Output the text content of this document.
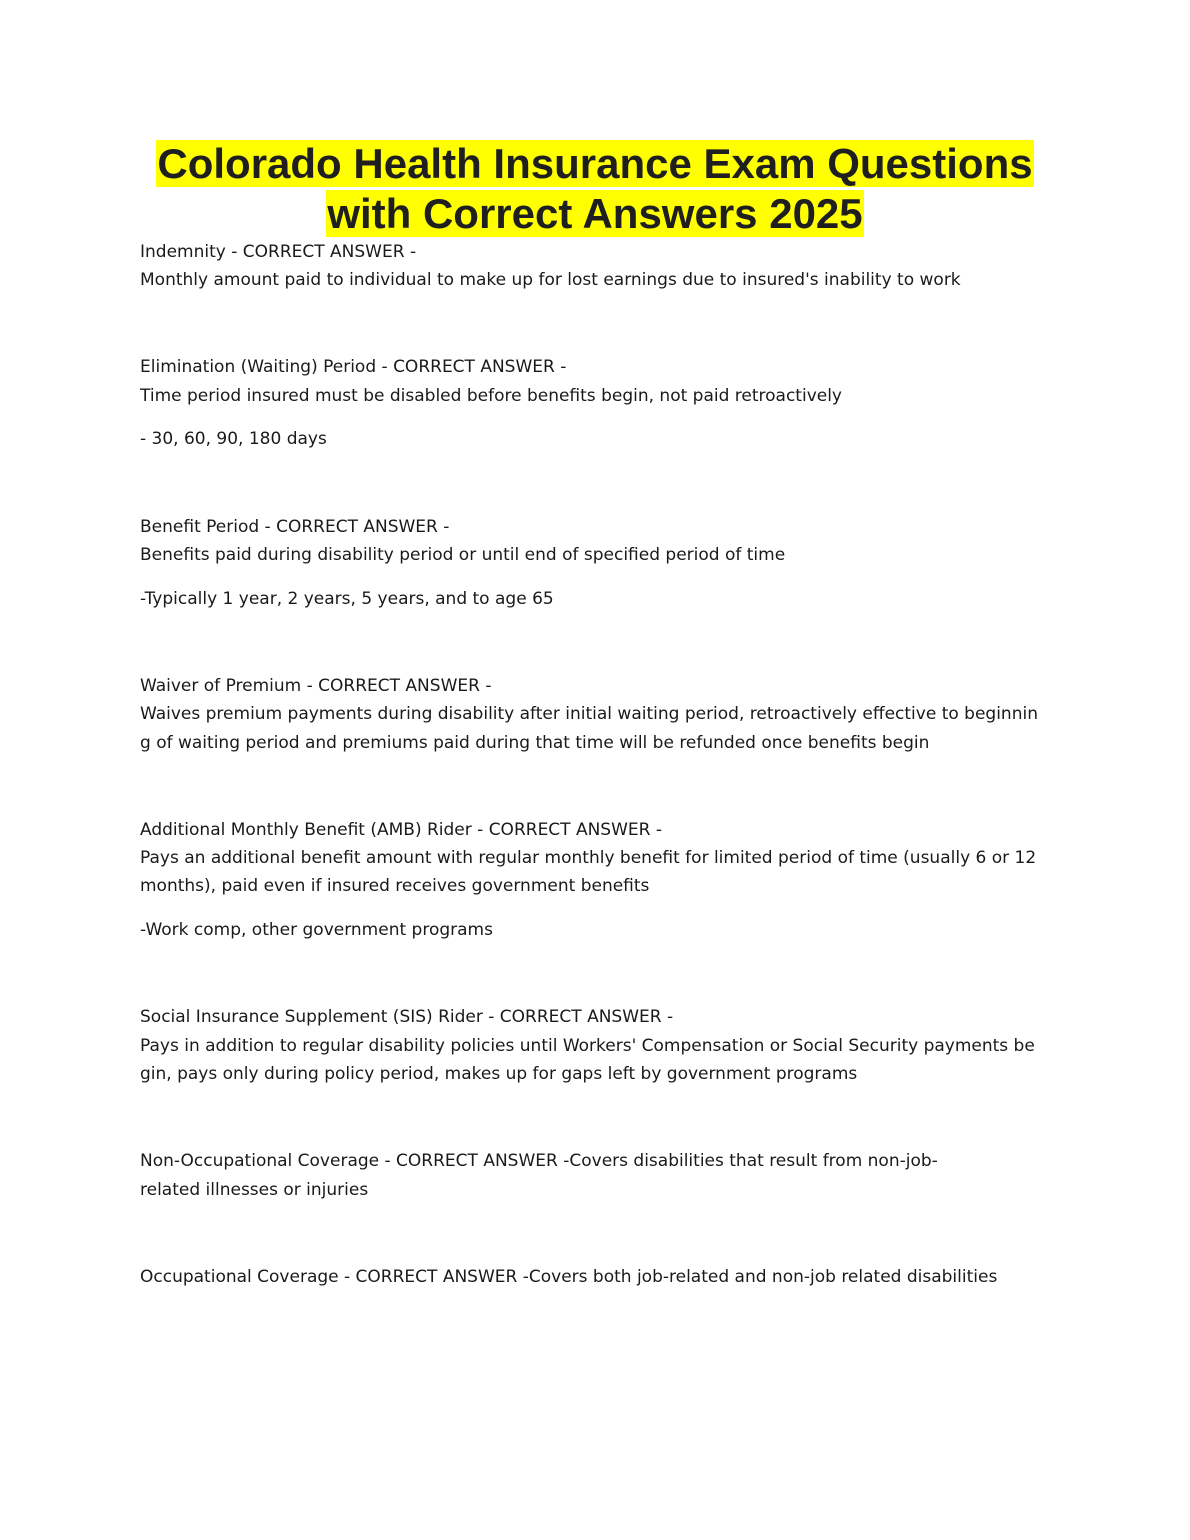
Colorado Health Insurance Exam Questions
with Correct Answers 2025
Indemnity - CORRECT ANSWER -
Monthly amount paid to individual to make up for lost earnings due to insured's inability to work
Elimination (Waiting) Period - CORRECT ANSWER -
Time period insured must be disabled before benefits begin, not paid retroactively
- 30, 60, 90, 180 days
Benefit Period - CORRECT ANSWER -
Benefits paid during disability period or until end of specified period of time
-Typically 1 year, 2 years, 5 years, and to age 65
Waiver of Premium - CORRECT ANSWER -
Waives premium payments during disability after initial waiting period, retroactively effective to beginnin
g of waiting period and premiums paid during that time will be refunded once benefits begin
Additional Monthly Benefit (AMB) Rider - CORRECT ANSWER -
Pays an additional benefit amount with regular monthly benefit for limited period of time (usually 6 or 12
months), paid even if insured receives government benefits
-Work comp, other government programs
Social Insurance Supplement (SIS) Rider - CORRECT ANSWER -
Pays in addition to regular disability policies until Workers' Compensation or Social Security payments be
gin, pays only during policy period, makes up for gaps left by government programs
Non-Occupational Coverage - CORRECT ANSWER -Covers disabilities that result from non-job-
related illnesses or injuries
Occupational Coverage - CORRECT ANSWER -Covers both job-related and non-job related disabilities
